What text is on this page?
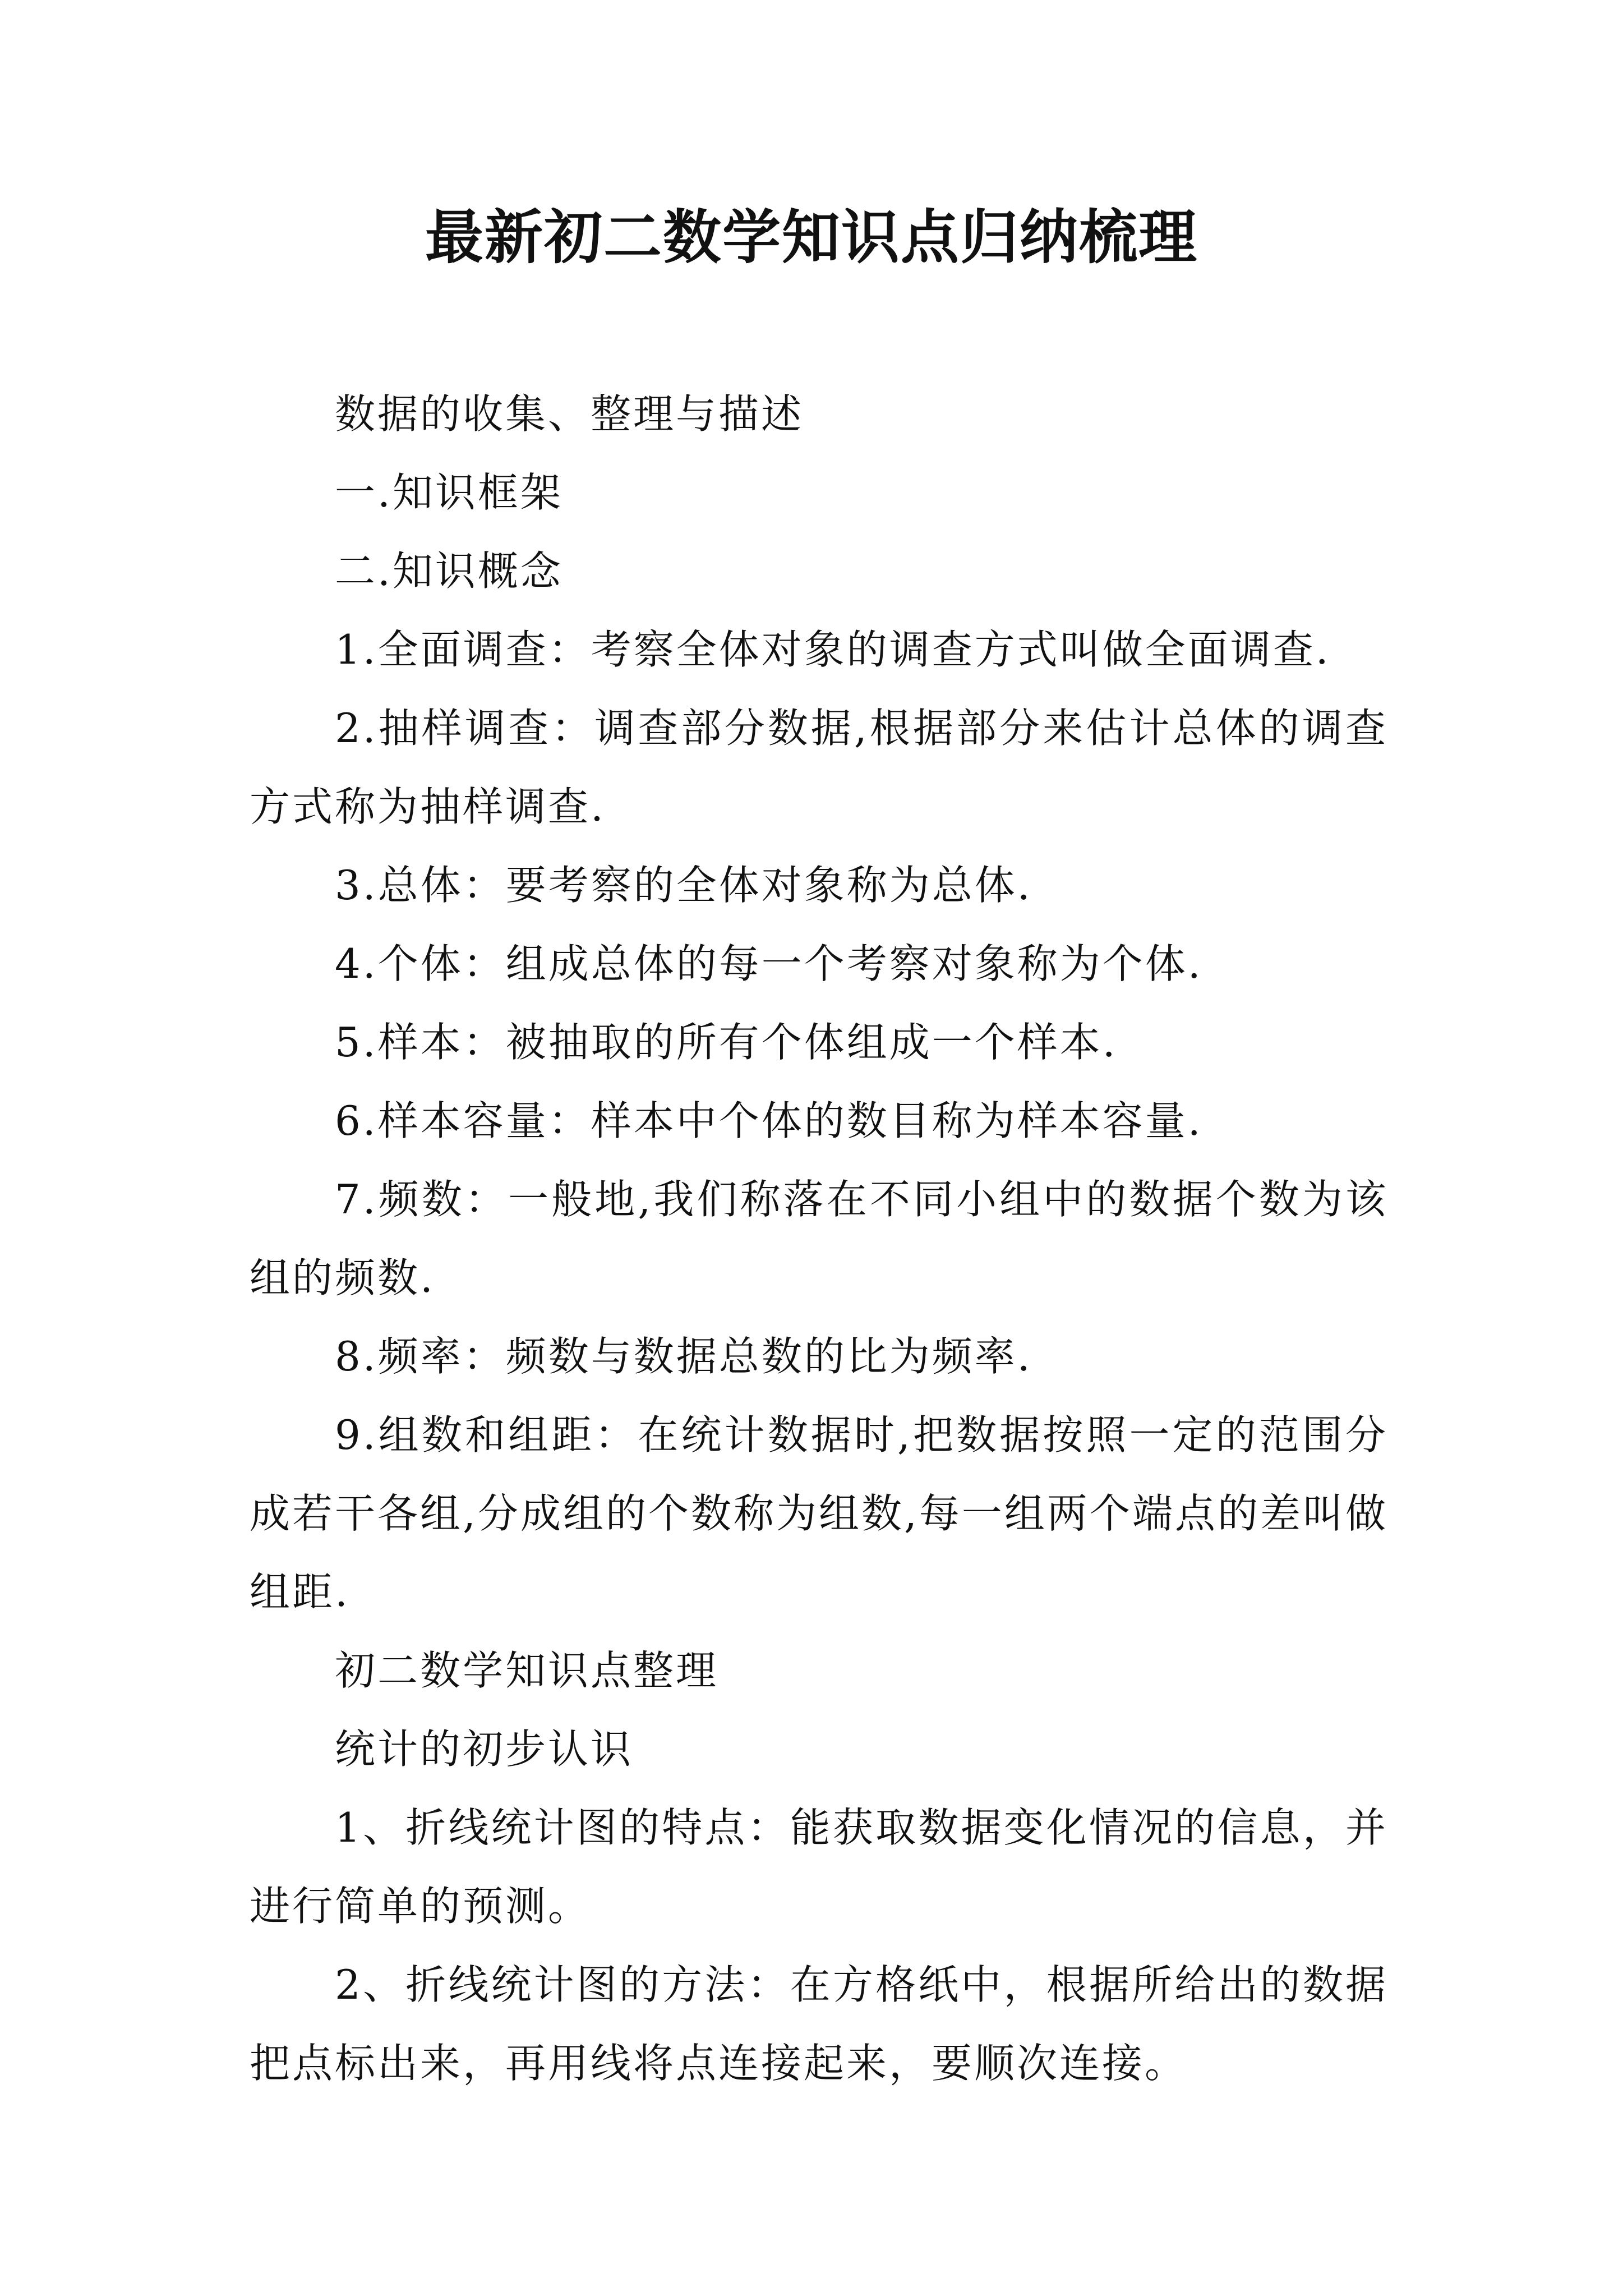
最新初二数学知识点归纳梳理

数据的收集、整理与描述

一.知识框架

二.知识概念

1.全面调查：考察全体对象的调查方式叫做全面调查.

2.抽样调查：调查部分数据,根据部分来估计总体的调查方式称为抽样调查.

3.总体：要考察的全体对象称为总体.

4.个体：组成总体的每一个考察对象称为个体.

5.样本：被抽取的所有个体组成一个样本.

6.样本容量：样本中个体的数目称为样本容量.

7.频数：一般地,我们称落在不同小组中的数据个数为该组的频数.

8.频率：频数与数据总数的比为频率.

9.组数和组距：在统计数据时,把数据按照一定的范围分成若干各组,分成组的个数称为组数,每一组两个端点的差叫做组距.

初二数学知识点整理

统计的初步认识

1、折线统计图的特点：能获取数据变化情况的信息，并进行简单的预测。

2、折线统计图的方法：在方格纸中，根据所给出的数据把点标出来，再用线将点连接起来，要顺次连接。
